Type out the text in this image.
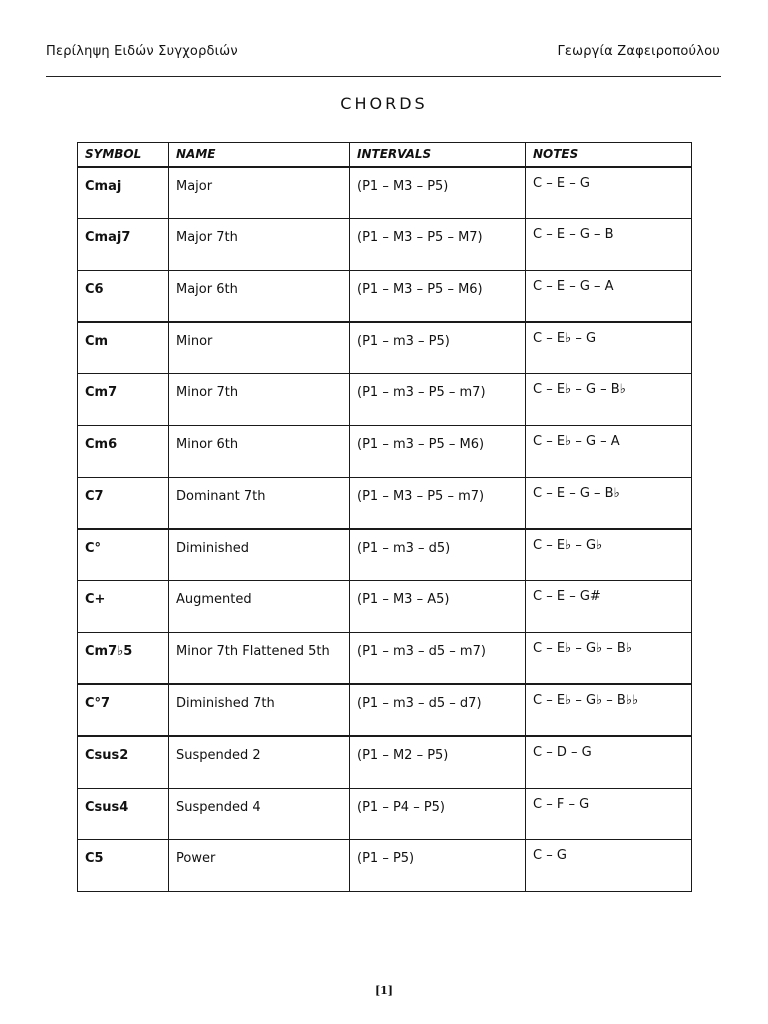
Περίληψη Ειδών Συγχορδιών	Γεωργία Ζαφειροπούλου
CHORDS
SYMBOL	NAME	INTERVALS	NOTES
Cmaj	Major	(P1 – M3 – P5)	C – E – G
Cmaj7	Major 7th	(P1 – M3 – P5 – M7)	C – E – G – B
C6	Major 6th	(P1 – M3 – P5 – M6)	C – E – G – A
Cm	Minor	(P1 – m3 – P5)	C – E♭ – G
Cm7	Minor 7th	(P1 – m3 – P5 – m7)	C – E♭ – G – B♭
Cm6	Minor 6th	(P1 – m3 – P5 – M6)	C – E♭ – G – A
C7	Dominant 7th	(P1 – M3 – P5 – m7)	C – E – G – B♭
C°	Diminished	(P1 – m3 – d5)	C – E♭ – G♭
C+	Augmented	(P1 – M3 – A5)	C – E – G#
Cm7♭5	Minor 7th Flattened 5th	(P1 – m3 – d5 – m7)	C – E♭ – G♭ – B♭
C°7	Diminished 7th	(P1 – m3 – d5 – d7)	C – E♭ – G♭ – B♭♭
Csus2	Suspended 2	(P1 – M2 – P5)	C – D – G
Csus4	Suspended 4	(P1 – P4 – P5)	C – F – G
C5	Power	(P1 – P5)	C – G
[1]
